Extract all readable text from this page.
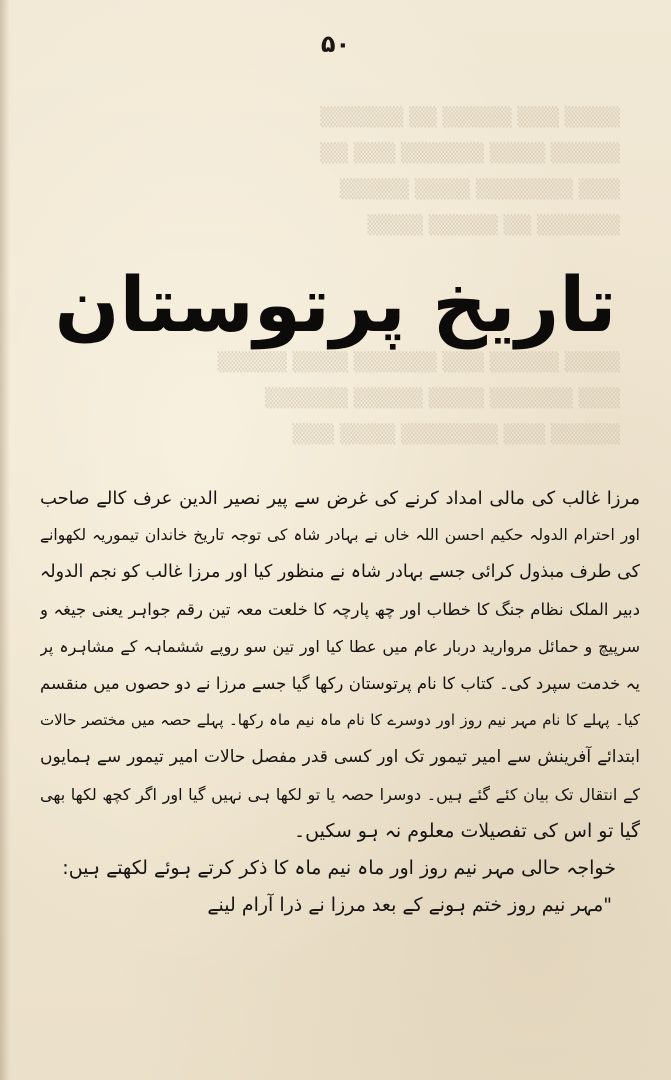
۵۰
▒▒▒▒ ▒▒▒ ▒▒▒▒▒ ▒▒ ▒▒▒▒▒▒
▒▒▒▒▒ ▒▒▒▒ ▒▒▒▒▒▒ ▒▒▒ ▒▒
▒▒▒ ▒▒▒▒▒▒▒ ▒▒▒▒ ▒▒▒▒▒
▒▒▒▒▒▒ ▒▒ ▒▒▒▒▒ ▒▒▒▒
تاریخ پرتوستان
▒▒▒▒ ▒▒▒▒▒ ▒▒▒ ▒▒▒▒▒▒ ▒▒▒▒ ▒▒▒▒▒
▒▒▒ ▒▒▒▒▒▒ ▒▒▒▒ ▒▒▒▒▒ ▒▒▒▒▒▒
▒▒▒▒▒ ▒▒▒ ▒▒▒▒▒▒▒ ▒▒▒▒ ▒▒▒
مرزا غالب کی مالی امداد کرنے کی غرض سے پیر نصیر الدین عرف کالے صاحب
اور احترام الدولہ حکیم احسن اللہ خاں نے بہادر شاہ کی توجہ تاریخ خاندان تیموریہ لکھوانے
کی طرف مبذول کرائی جسے بہادر شاہ نے منظور کیا اور مرزا غالب کو نجم الدولہ
دبیر الملک نظام جنگ کا خطاب اور چھ پارچہ کا خلعت معہ تین رقم جواہر یعنی جیغہ و
سرپیچ و حمائل مروارید دربار عام میں عطا کیا اور تین سو روپے ششماہہ کے مشاہرہ پر
یہ خدمت سپرد کی۔ کتاب کا نام پرتوستان رکھا گیا جسے مرزا نے دو حصوں میں منقسم
کیا۔ پہلے کا نام مہر نیم روز اور دوسرے کا نام ماہ نیم ماہ رکھا۔ پہلے حصہ میں مختصر حالات
ابتدائے آفرینش سے امیر تیمور تک اور کسی قدر مفصل حالات امیر تیمور سے ہمایوں
کے انتقال تک بیان کئے گئے ہیں۔ دوسرا حصہ یا تو لکھا ہی نہیں گیا اور اگر کچھ لکھا بھی
گیا تو اس کی تفصیلات معلوم نہ ہو سکیں۔
خواجہ حالی مہر نیم روز اور ماہ نیم ماہ کا ذکر کرتے ہوئے لکھتے ہیں:
"مہر نیم روز ختم ہونے کے بعد مرزا نے ذرا آرام لینے
